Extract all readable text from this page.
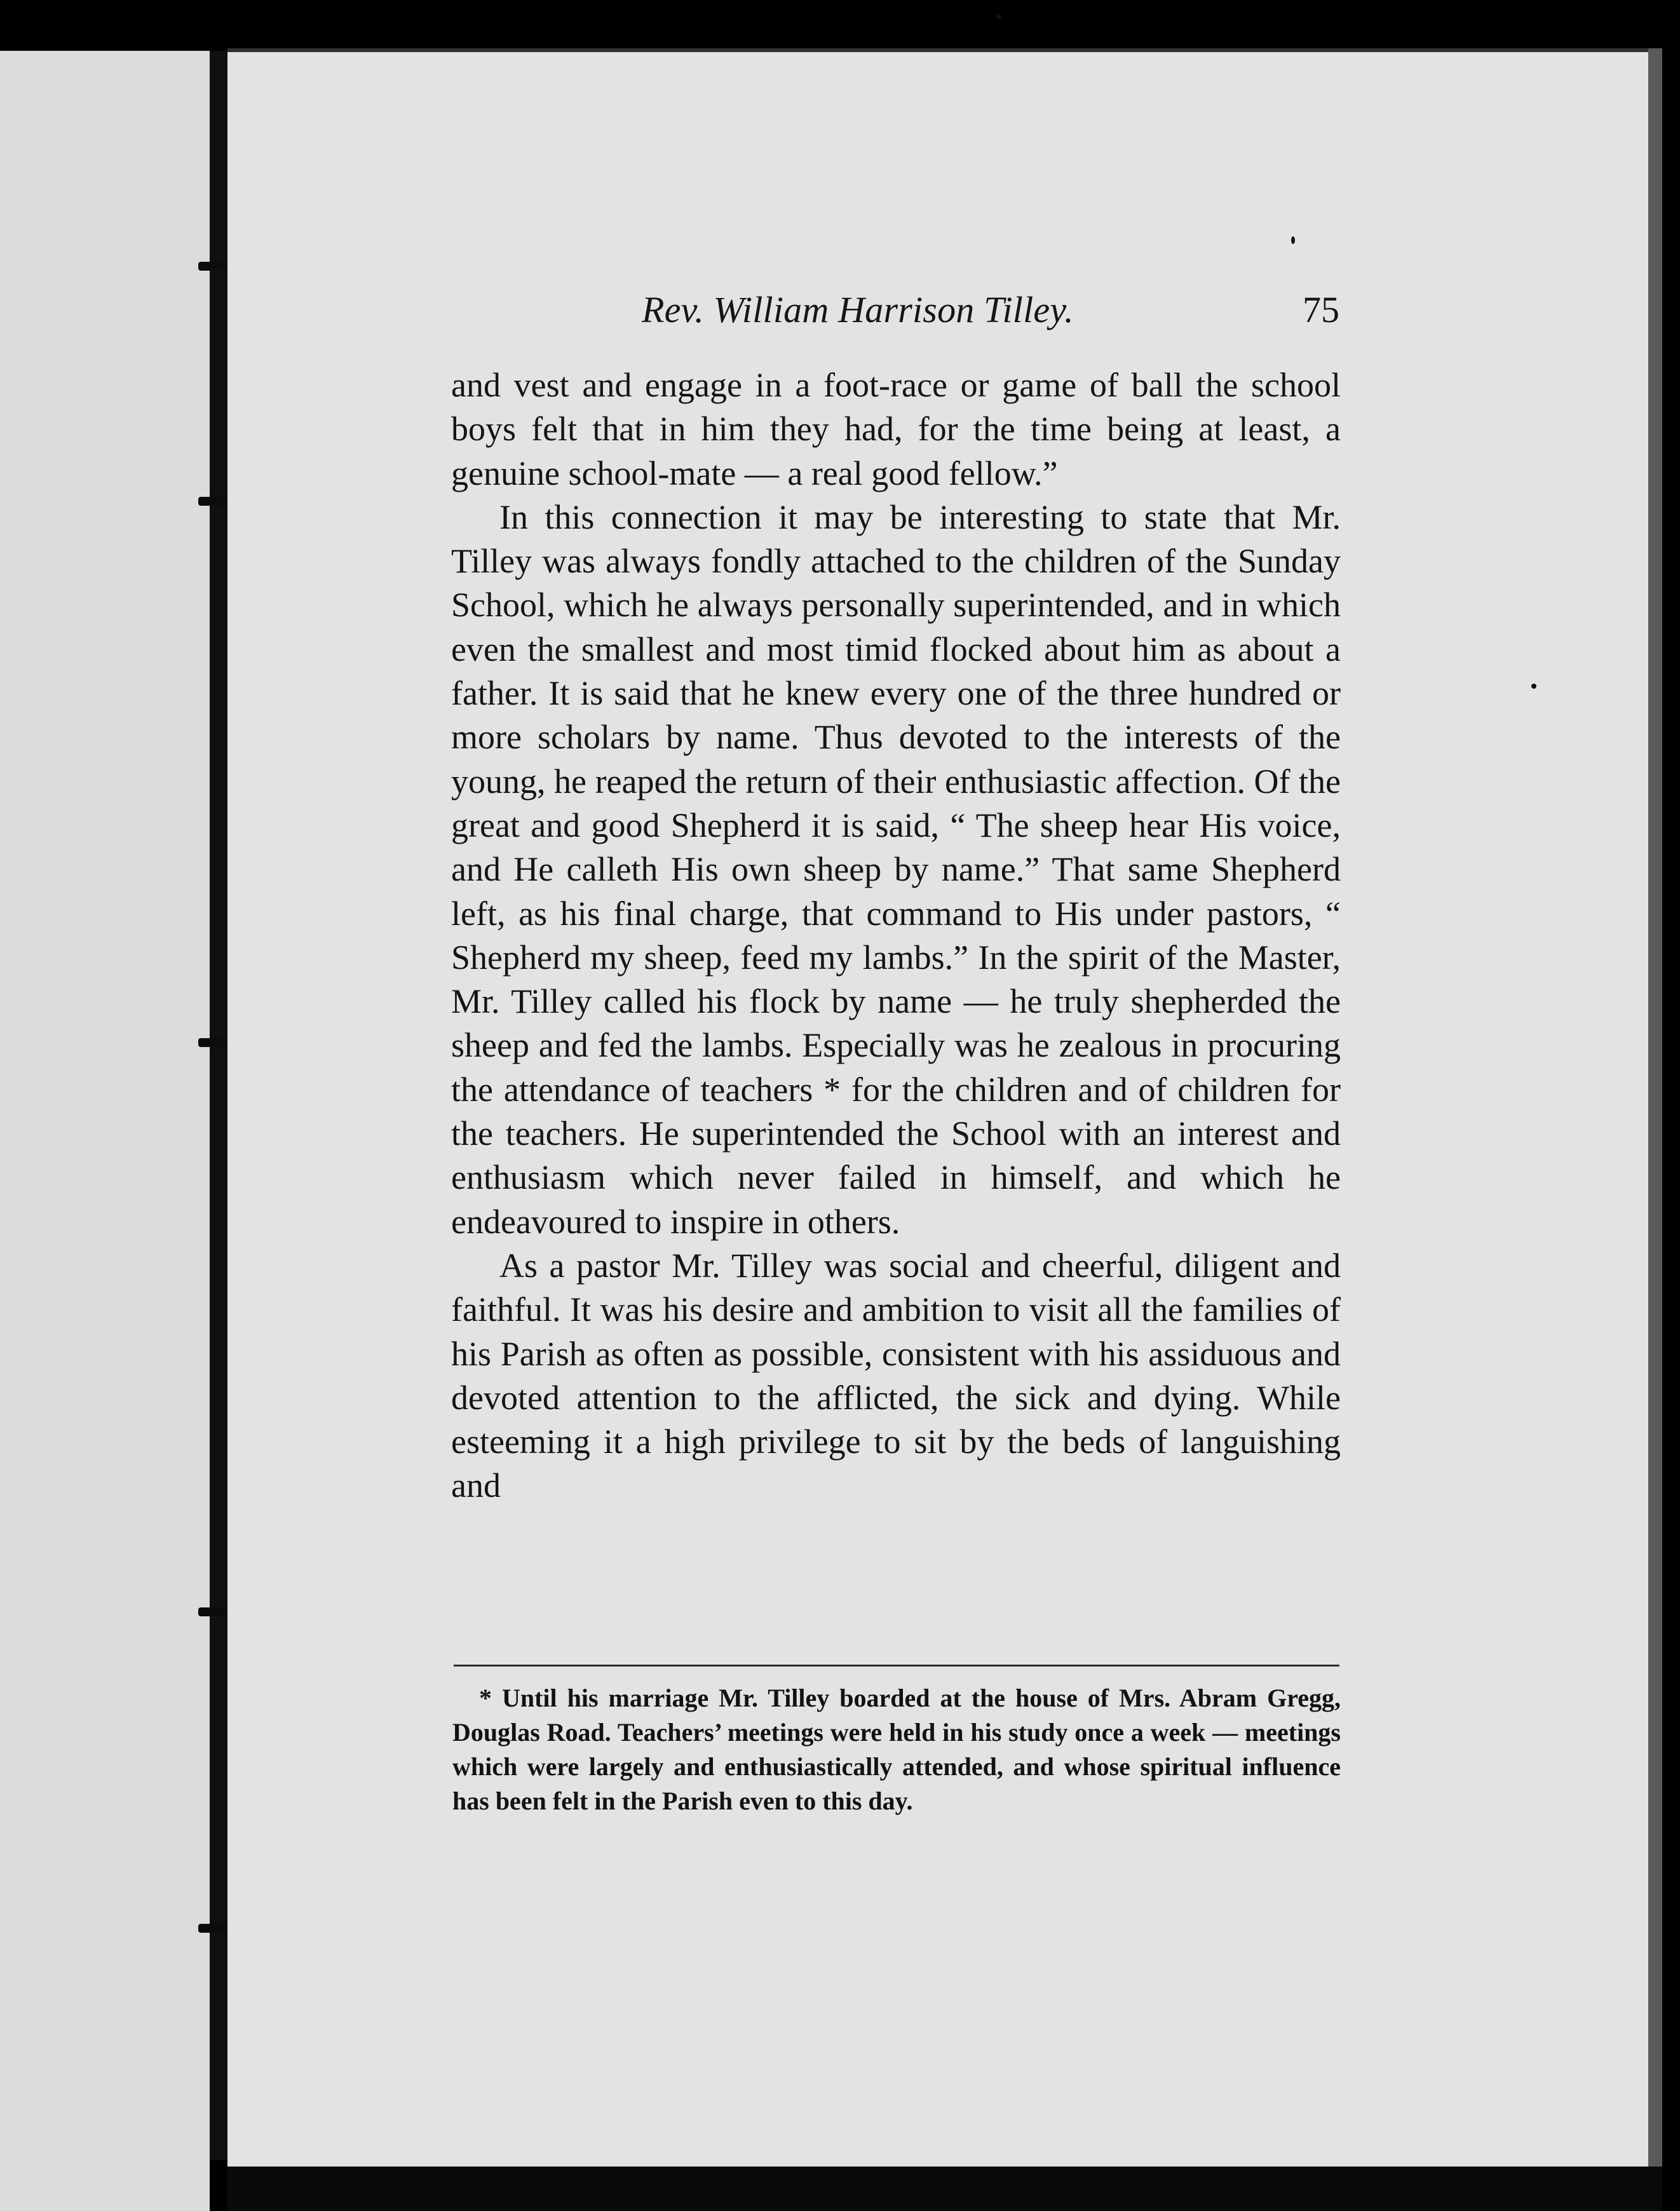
Rev. William Harrison Tilley.	75

and vest and engage in a foot-race or game of ball the school boys felt that in him they had, for the time being at least, a genuine school-mate — a real good fellow.”

In this connection it may be interesting to state that Mr. Tilley was always fondly attached to the children of the Sunday School, which he always personally superintended, and in which even the smallest and most timid flocked about him as about a father. It is said that he knew every one of the three hundred or more scholars by name. Thus devoted to the interests of the young, he reaped the return of their enthusiastic affection. Of the great and good Shepherd it is said, “ The sheep hear His voice, and He calleth His own sheep by name.” That same Shepherd left, as his final charge, that command to His under pastors, “ Shepherd my sheep, feed my lambs.” In the spirit of the Master, Mr. Tilley called his flock by name — he truly shepherded the sheep and fed the lambs. Especially was he zealous in procuring the attendance of teachers * for the children and of children for the teachers. He superintended the School with an interest and enthusiasm which never failed in himself, and which he endeavoured to inspire in others.

As a pastor Mr. Tilley was social and cheerful, diligent and faithful. It was his desire and ambition to visit all the families of his Parish as often as possible, consistent with his assiduous and devoted attention to the afflicted, the sick and dying. While esteeming it a high privilege to sit by the beds of languishing and

* Until his marriage Mr. Tilley boarded at the house of Mrs. Abram Gregg, Douglas Road. Teachers’ meetings were held in his study once a week — meetings which were largely and enthusiastically attended, and whose spiritual influence has been felt in the Parish even to this day.
